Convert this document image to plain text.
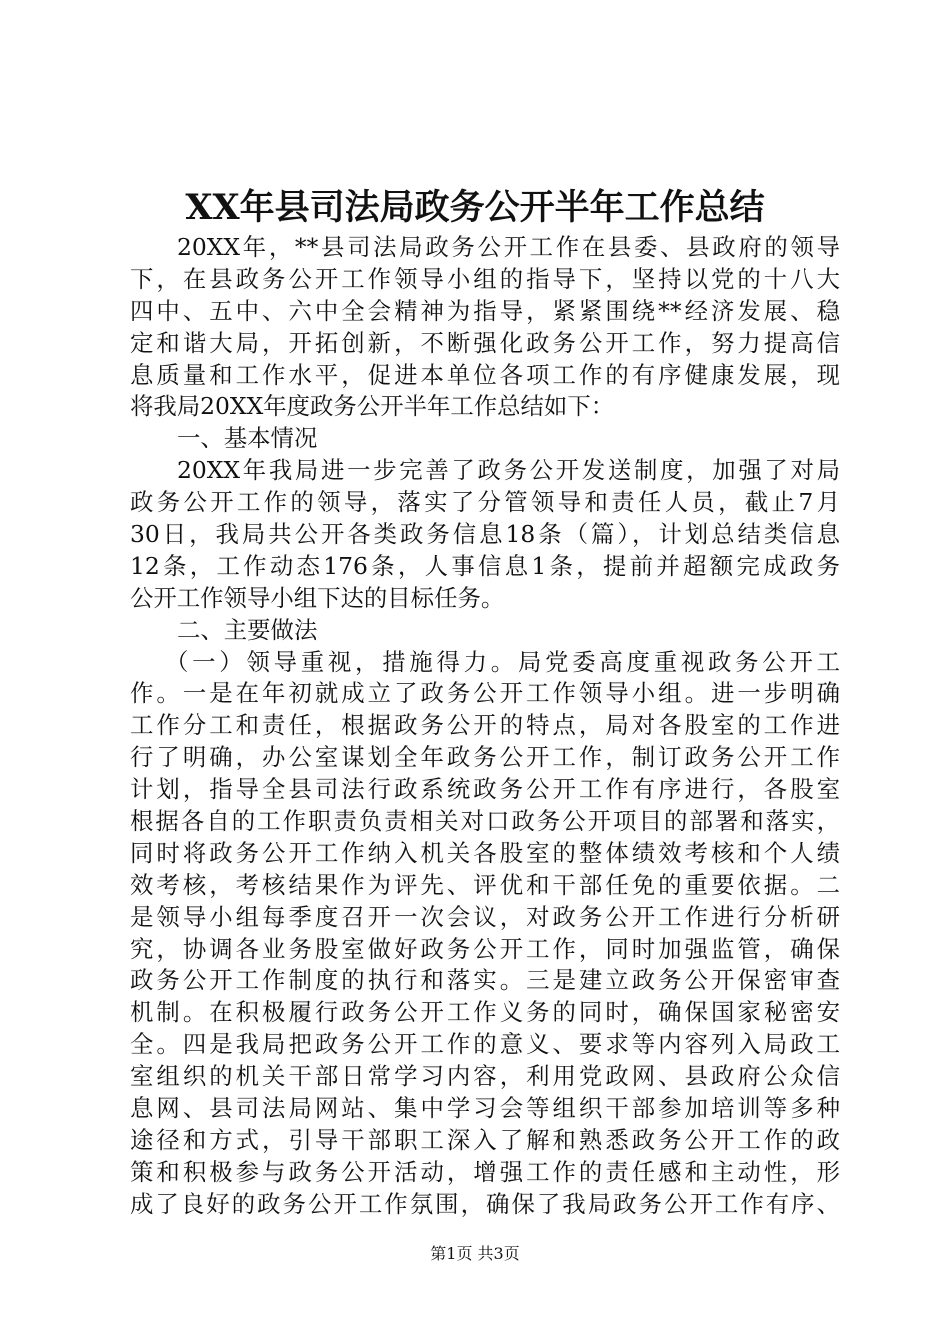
XX年县司法局政务公开半年工作总结
20XX年，**县司法局政务公开工作在县委、县政府的领导
下，在县政务公开工作领导小组的指导下，坚持以党的十八大
四中、五中、六中全会精神为指导，紧紧围绕**经济发展、稳
定和谐大局，开拓创新，不断强化政务公开工作，努力提高信
息质量和工作水平，促进本单位各项工作的有序健康发展，现
将我局20XX年度政务公开半年工作总结如下：
一、基本情况
20XX年我局进一步完善了政务公开发送制度，加强了对局
政务公开工作的领导，落实了分管领导和责任人员，截止7月
30日，我局共公开各类政务信息18条（篇），计划总结类信息
12条，工作动态176条，人事信息1条，提前并超额完成政务
公开工作领导小组下达的目标任务。
二、主要做法
（一）领导重视，措施得力。局党委高度重视政务公开工
作。一是在年初就成立了政务公开工作领导小组。进一步明确
工作分工和责任，根据政务公开的特点，局对各股室的工作进
行了明确，办公室谋划全年政务公开工作，制订政务公开工作
计划，指导全县司法行政系统政务公开工作有序进行，各股室
根据各自的工作职责负责相关对口政务公开项目的部署和落实，
同时将政务公开工作纳入机关各股室的整体绩效考核和个人绩
效考核，考核结果作为评先、评优和干部任免的重要依据。二
是领导小组每季度召开一次会议，对政务公开工作进行分析研
究，协调各业务股室做好政务公开工作，同时加强监管，确保
政务公开工作制度的执行和落实。三是建立政务公开保密审查
机制。在积极履行政务公开工作义务的同时，确保国家秘密安
全。四是我局把政务公开工作的意义、要求等内容列入局政工
室组织的机关干部日常学习内容，利用党政网、县政府公众信
息网、县司法局网站、集中学习会等组织干部参加培训等多种
途径和方式，引导干部职工深入了解和熟悉政务公开工作的政
策和积极参与政务公开活动，增强工作的责任感和主动性，形
成了良好的政务公开工作氛围，确保了我局政务公开工作有序、
第1页 共3页
